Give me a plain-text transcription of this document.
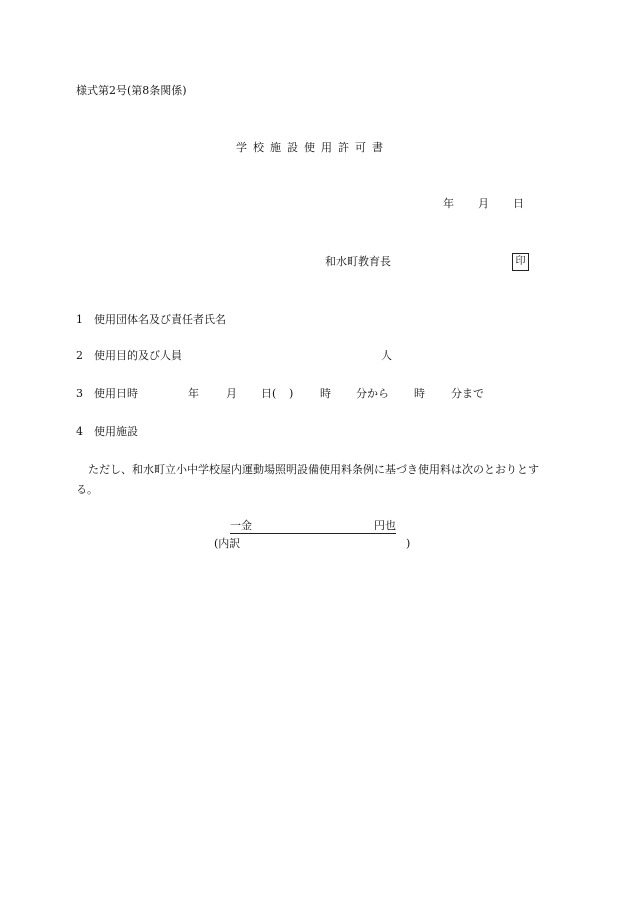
様式第2号(第8条関係)
学 校 施 設 使 用 許 可 書
年 月 日
和水町教育長	印
1 使用団体名及び責任者氏名
2 使用目的及び人員	人
3 使用日時	年 月 日( ) 時 分から 時 分まで
4 使用施設
ただし、和水町立小中学校屋内運動場照明設備使用料条例に基づき使用料は次のとおりとする。
一金	円也
(内訳	)
